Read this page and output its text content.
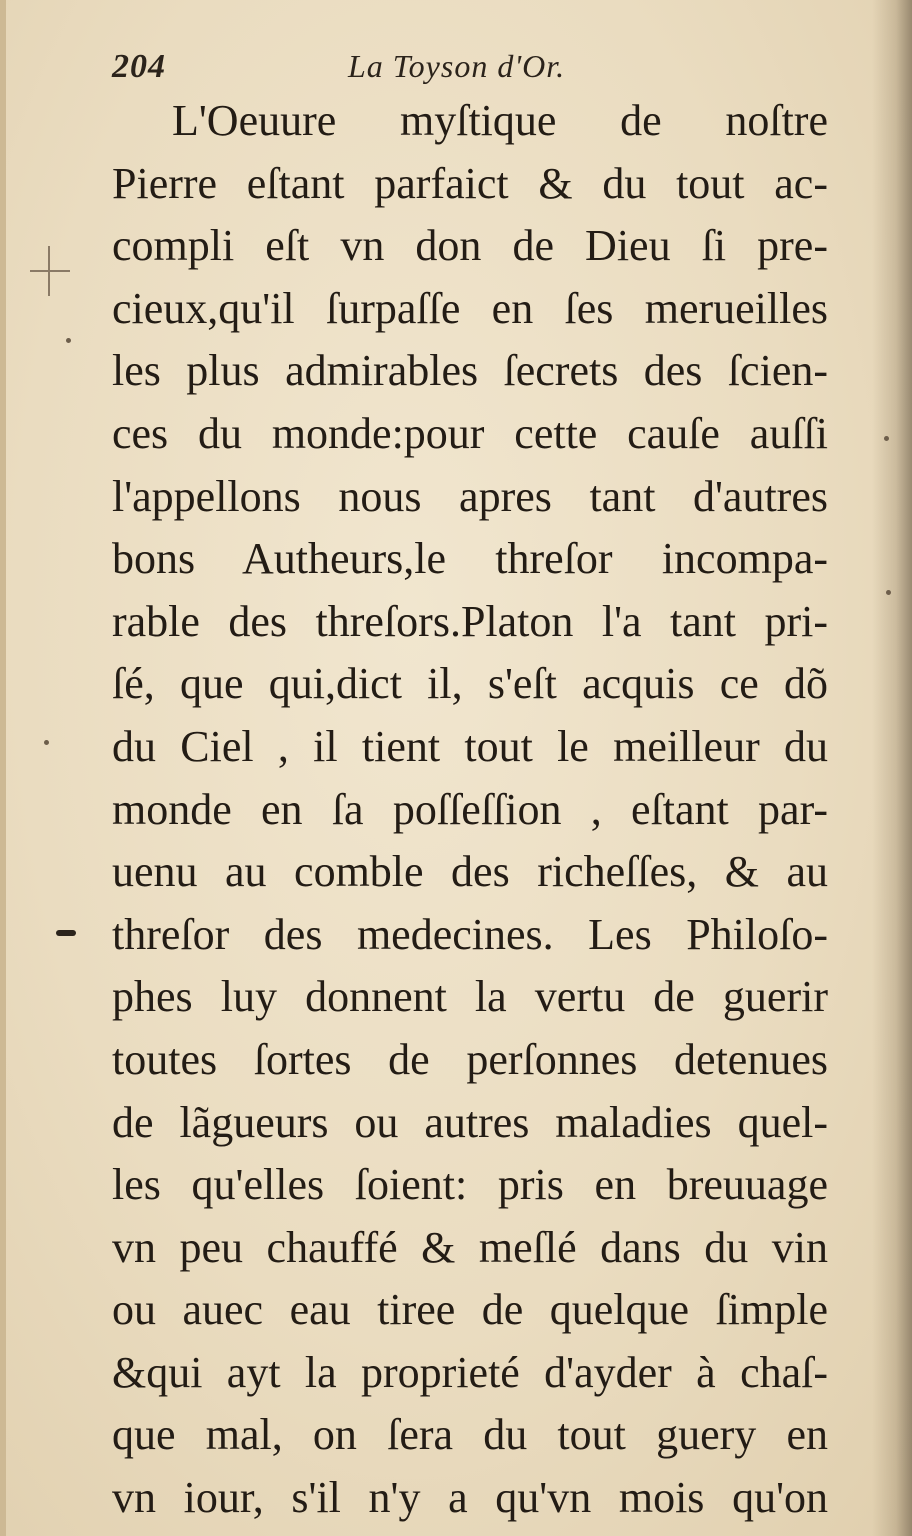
204	La Toyson d'Or.
L'Oeuure myſtique de noſtre
Pierre eſtant parfaict & du tout ac-
compli eſt vn don de Dieu ſi pre-
cieux,qu'il ſurpaſſe en ſes merueilles
les plus admirables ſecrets des ſcien-
ces du monde:pour cette cauſe auſſi
l'appellons nous apres tant d'autres
bons Autheurs,le threſor incompa-
rable des threſors.Platon l'a tant pri-
ſé, que qui,dict il, s'eſt acquis ce dõ
du Ciel , il tient tout le meilleur du
monde en ſa poſſeſſion , eſtant par-
uenu au comble des richeſſes, & au
threſor des medecines. Les Philoſo-
phes luy donnent la vertu de guerir
toutes ſortes de perſonnes detenues
de lãgueurs ou autres maladies quel-
les qu'elles ſoient: pris en breuuage
vn peu chauffé & meſlé dans du vin
ou auec eau tiree de quelque ſimple
&qui ayt la proprieté d'ayder à chaſ-
que mal, on ſera du tout guery en
vn iour, s'il n'y a qu'vn mois qu'on
